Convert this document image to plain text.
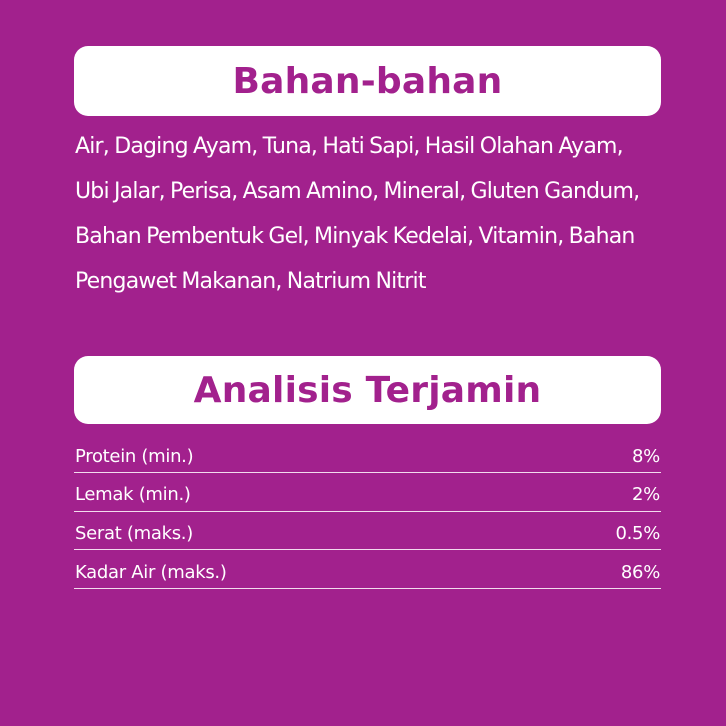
Bahan-bahan

Air, Daging Ayam, Tuna, Hati Sapi, Hasil Olahan Ayam, Ubi Jalar, Perisa, Asam Amino, Mineral, Gluten Gandum, Bahan Pembentuk Gel, Minyak Kedelai, Vitamin, Bahan Pengawet Makanan, Natrium Nitrit

Analisis Terjamin
Protein (min.)	8%
Lemak (min.)	2%
Serat (maks.)	0.5%
Kadar Air (maks.)	86%
